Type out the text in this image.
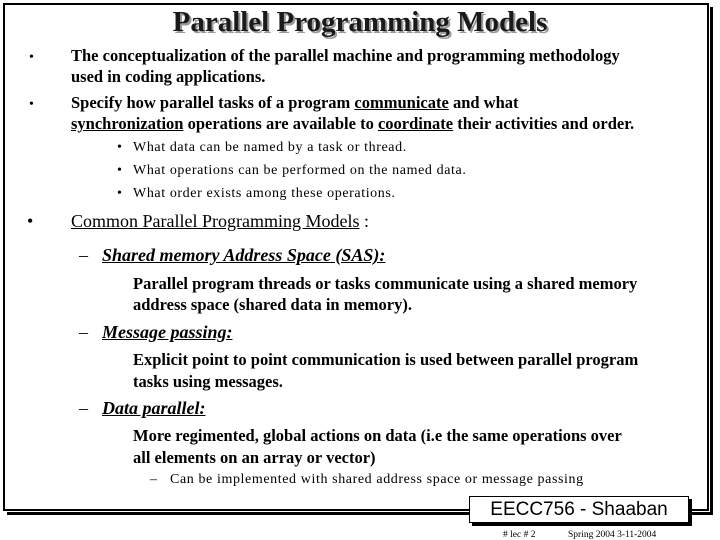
Parallel Programming Models
• The conceptualization of the parallel machine and programming methodology
used in coding applications.
• Specify how parallel tasks of a program communicate and what
synchronization operations are available to coordinate their activities and order.
• What data can be named by a task or thread.
• What operations can be performed on the named data.
• What order exists among these operations.
• Common Parallel Programming Models :
– Shared memory Address Space (SAS):
Parallel program threads or tasks communicate using a shared memory
address space (shared data in memory).
– Message passing:
Explicit point to point communication is used between parallel program
tasks using messages.
– Data parallel:
More regimented, global actions on data (i.e the same operations over
all elements on an array or vector)
– Can be implemented with shared address space or message passing
EECC756 - Shaaban
# lec # 2	Spring 2004 3-11-2004
